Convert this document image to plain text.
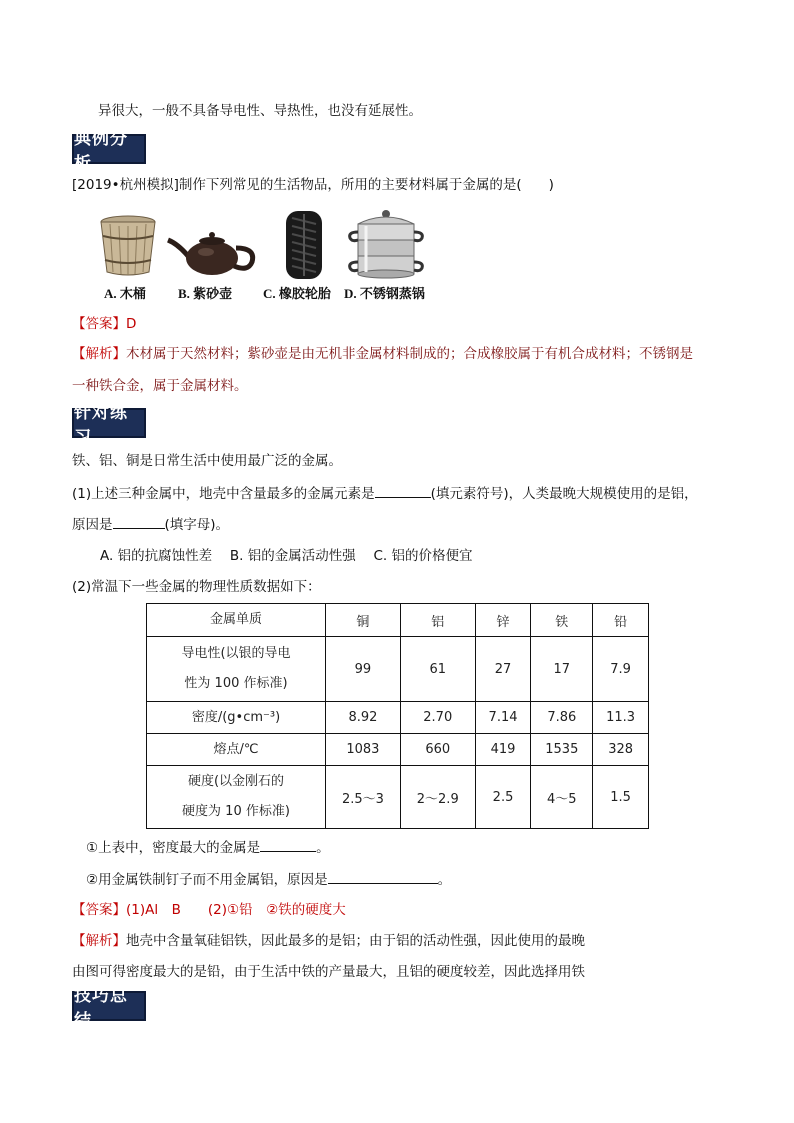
异很大，一般不具备导电性、导热性，也没有延展性。
典例分析
[2019•杭州模拟]制作下列常见的生活物品，所用的主要材料属于金属的是(　　)
A. 木桶 B. 紫砂壶 C. 橡胶轮胎 D. 不锈钢蒸锅
【答案】D
【解析】木材属于天然材料；紫砂壶是由无机非金属材料制成的；合成橡胶属于有机合成材料；不锈钢是
一种铁合金，属于金属材料。
针对练习
铁、铝、铜是日常生活中使用最广泛的金属。
(1)上述三种金属中，地壳中含量最多的金属元素是	(填元素符号)，人类最晚大规模使用的是铝，
原因是	(填字母)。
A. 铝的抗腐蚀性差　 B. 铝的金属活动性强　 C. 铝的价格便宜
(2)常温下一些金属的物理性质数据如下：
金属单质	铜	铝	锌	铁	铅

导电性(以银的导电
性为 100 作标准)	99	61	27	17	7.9
密度/(g•cm⁻³)	8.92	2.70	7.14	7.86	11.3
熔点/℃	1083	660	419	1535	328

硬度(以金刚石的
硬度为 10 作标准)	2.5～3	2～2.9	2.5	4～5	1.5
①上表中，密度最大的金属是	。
②用金属铁制钉子而不用金属铝，原因是	。
【答案】(1)Al　B　　(2)①铅　②铁的硬度大
【解析】地壳中含量氧硅铝铁，因此最多的是铝；由于铝的活动性强，因此使用的最晚
由图可得密度最大的是铅，由于生活中铁的产量最大，且铝的硬度较差，因此选择用铁
技巧总结
